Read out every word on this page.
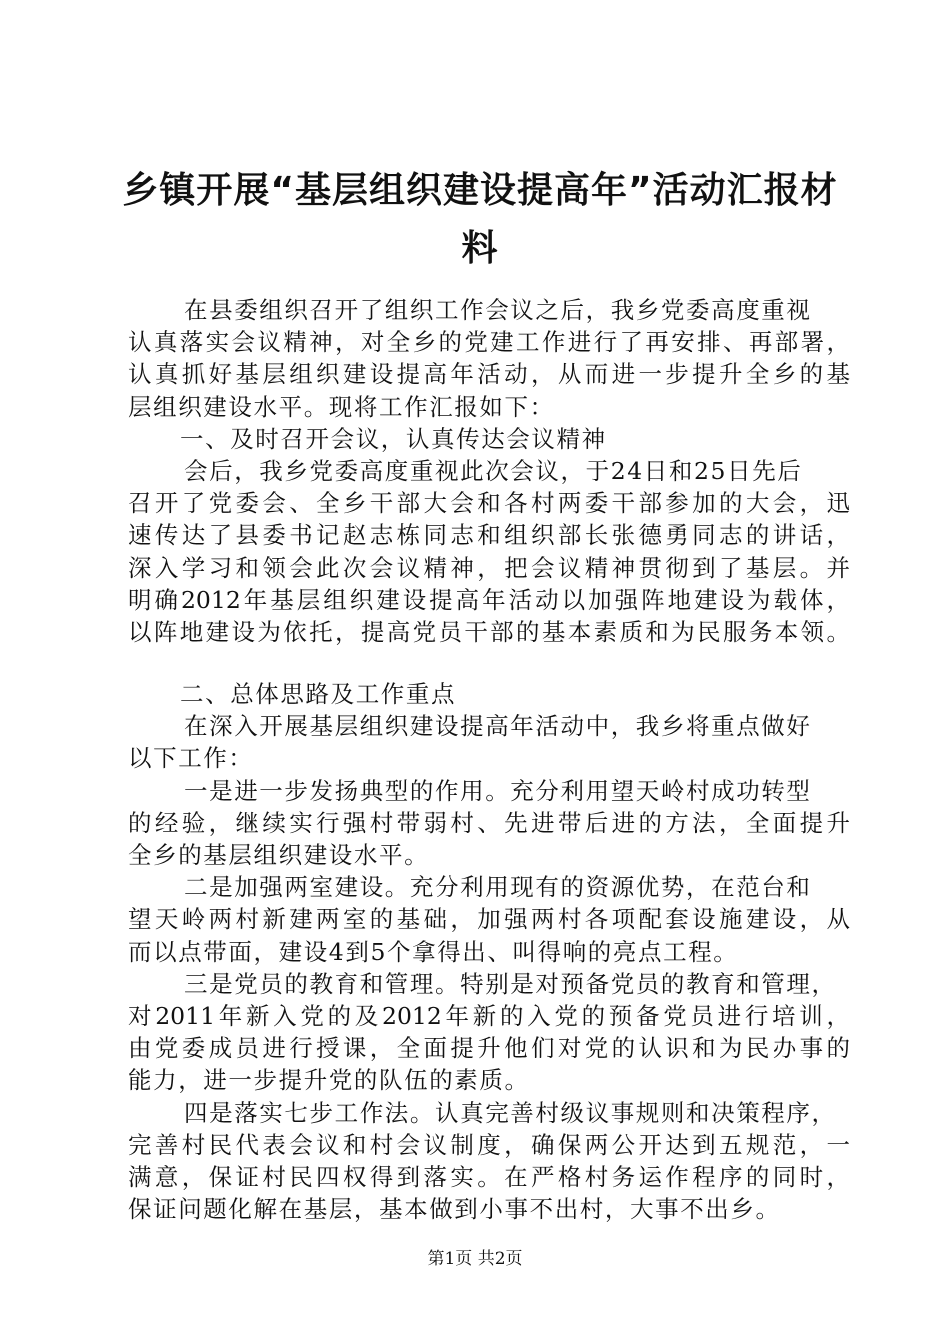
乡镇开展“基层组织建设提高年”活动汇报材
料
在县委组织召开了组织工作会议之后，我乡党委高度重视
认真落实会议精神，对全乡的党建工作进行了再安排、再部署，
认真抓好基层组织建设提高年活动，从而进一步提升全乡的基
层组织建设水平。现将工作汇报如下：
一、及时召开会议，认真传达会议精神
会后，我乡党委高度重视此次会议，于24日和25日先后
召开了党委会、全乡干部大会和各村两委干部参加的大会，迅
速传达了县委书记赵志栋同志和组织部长张德勇同志的讲话，
深入学习和领会此次会议精神，把会议精神贯彻到了基层。并
明确2012年基层组织建设提高年活动以加强阵地建设为载体，
以阵地建设为依托，提高党员干部的基本素质和为民服务本领。
二、总体思路及工作重点
在深入开展基层组织建设提高年活动中，我乡将重点做好
以下工作：
一是进一步发扬典型的作用。充分利用望天岭村成功转型
的经验，继续实行强村带弱村、先进带后进的方法，全面提升
全乡的基层组织建设水平。
二是加强两室建设。充分利用现有的资源优势，在范台和
望天岭两村新建两室的基础，加强两村各项配套设施建设，从
而以点带面，建设4到5个拿得出、叫得响的亮点工程。
三是党员的教育和管理。特别是对预备党员的教育和管理，
对2011年新入党的及2012年新的入党的预备党员进行培训，
由党委成员进行授课，全面提升他们对党的认识和为民办事的
能力，进一步提升党的队伍的素质。
四是落实七步工作法。认真完善村级议事规则和决策程序，
完善村民代表会议和村会议制度，确保两公开达到五规范，一
满意，保证村民四权得到落实。在严格村务运作程序的同时，
保证问题化解在基层，基本做到小事不出村，大事不出乡。
第1页 共2页
